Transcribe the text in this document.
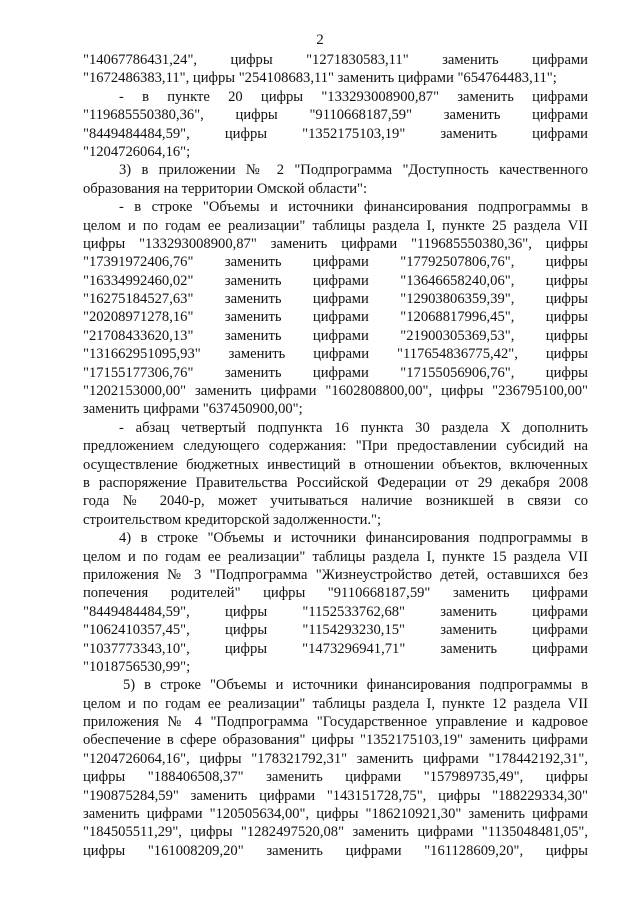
2
"14067786431,24", цифры "1271830583,11" заменить цифрами
"1672486383,11", цифры "254108683,11" заменить цифрами "654764483,11";
- в пункте 20 цифры "133293008900,87" заменить цифрами
"119685550380,36", цифры "9110668187,59" заменить цифрами
"8449484484,59", цифры "1352175103,19" заменить цифрами
"1204726064,16";
3) в приложении № 2 "Подпрограмма "Доступность качественного
образования на территории Омской области":
- в строке "Объемы и источники финансирования подпрограммы в
целом и по годам ее реализации" таблицы раздела I, пункте 25 раздела VII
цифры "133293008900,87" заменить цифрами "119685550380,36", цифры
"17391972406,76" заменить цифрами "17792507806,76", цифры
"16334992460,02" заменить цифрами "13646658240,06", цифры
"16275184527,63" заменить цифрами "12903806359,39", цифры
"20208971278,16" заменить цифрами "12068817996,45", цифры
"21708433620,13" заменить цифрами "21900305369,53", цифры
"131662951095,93" заменить цифрами "117654836775,42", цифры
"17155177306,76" заменить цифрами "17155056906,76", цифры
"1202153000,00" заменить цифрами "1602808800,00", цифры "236795100,00"
заменить цифрами "637450900,00";
- абзац четвертый подпункта 16 пункта 30 раздела X дополнить
предложением следующего содержания: "При предоставлении субсидий на
осуществление бюджетных инвестиций в отношении объектов, включенных
в распоряжение Правительства Российской Федерации от 29 декабря 2008
года № 2040-р, может учитываться наличие возникшей в связи со
строительством кредиторской задолженности.";
4) в строке "Объемы и источники финансирования подпрограммы в
целом и по годам ее реализации" таблицы раздела I, пункте 15 раздела VII
приложения № 3 "Подпрограмма "Жизнеустройство детей, оставшихся без
попечения родителей" цифры "9110668187,59" заменить цифрами
"8449484484,59", цифры "1152533762,68" заменить цифрами
"1062410357,45", цифры "1154293230,15" заменить цифрами
"1037773343,10", цифры "1473296941,71" заменить цифрами
"1018756530,99";
5) в строке "Объемы и источники финансирования подпрограммы в
целом и по годам ее реализации" таблицы раздела I, пункте 12 раздела VII
приложения № 4 "Подпрограмма "Государственное управление и кадровое
обеспечение в сфере образования" цифры "1352175103,19" заменить цифрами
"1204726064,16", цифры "178321792,31" заменить цифрами "178442192,31",
цифры "188406508,37" заменить цифрами "157989735,49", цифры
"190875284,59" заменить цифрами "143151728,75", цифры "188229334,30"
заменить цифрами "120505634,00", цифры "186210921,30" заменить цифрами
"184505511,29", цифры "1282497520,08" заменить цифрами "1135048481,05",
цифры "161008209,20" заменить цифрами "161128609,20", цифры
